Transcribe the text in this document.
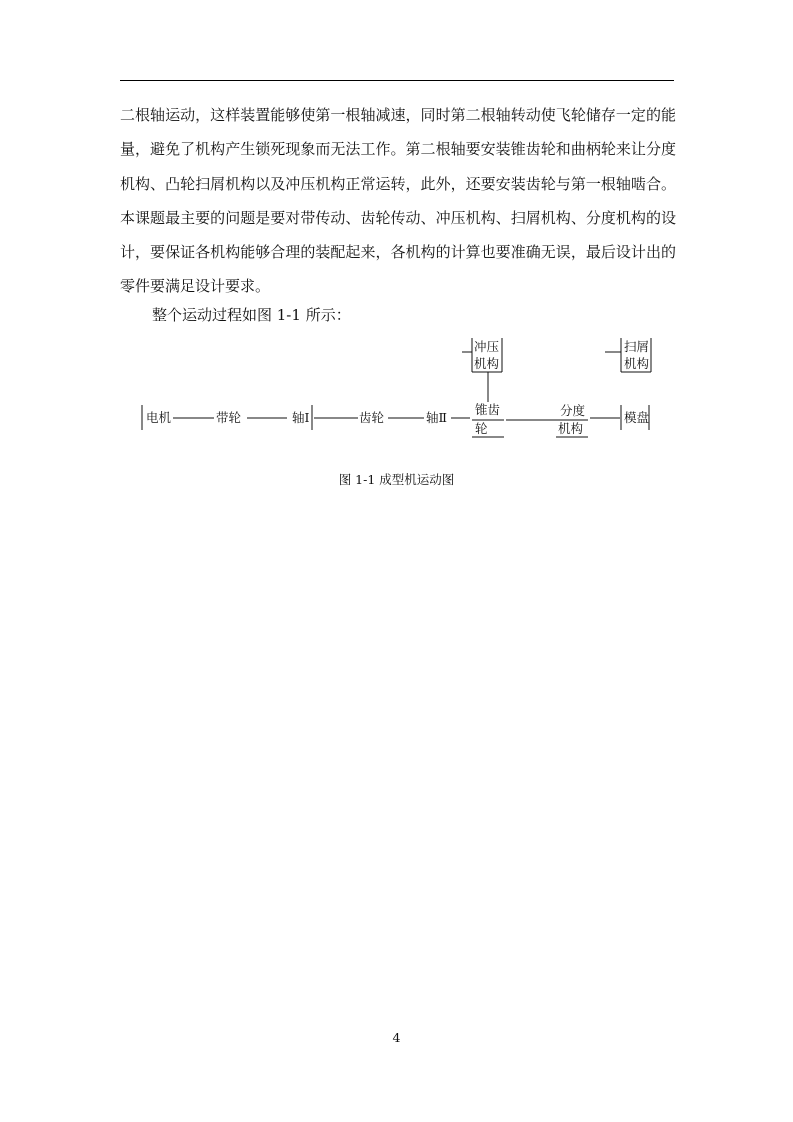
二根轴运动，这样装置能够使第一根轴减速，同时第二根轴转动使飞轮储存一定的能量，避免了机构产生锁死现象而无法工作。第二根轴要安装锥齿轮和曲柄轮来让分度机构、凸轮扫屑机构以及冲压机构正常运转，此外，还要安装齿轮与第一根轴啮合。本课题最主要的问题是要对带传动、齿轮传动、冲压机构、扫屑机构、分度机构的设计，要保证各机构能够合理的装配起来，各机构的计算也要准确无误，最后设计出的零件要满足设计要求。

整个运动过程如图 1-1 所示：

电机	带轮	轴Ⅰ	齿轮	轴Ⅱ
锥齿
轮
冲压
机构
分度
机构
模盘
扫屑
机构

图 1-1 成型机运动图

4
